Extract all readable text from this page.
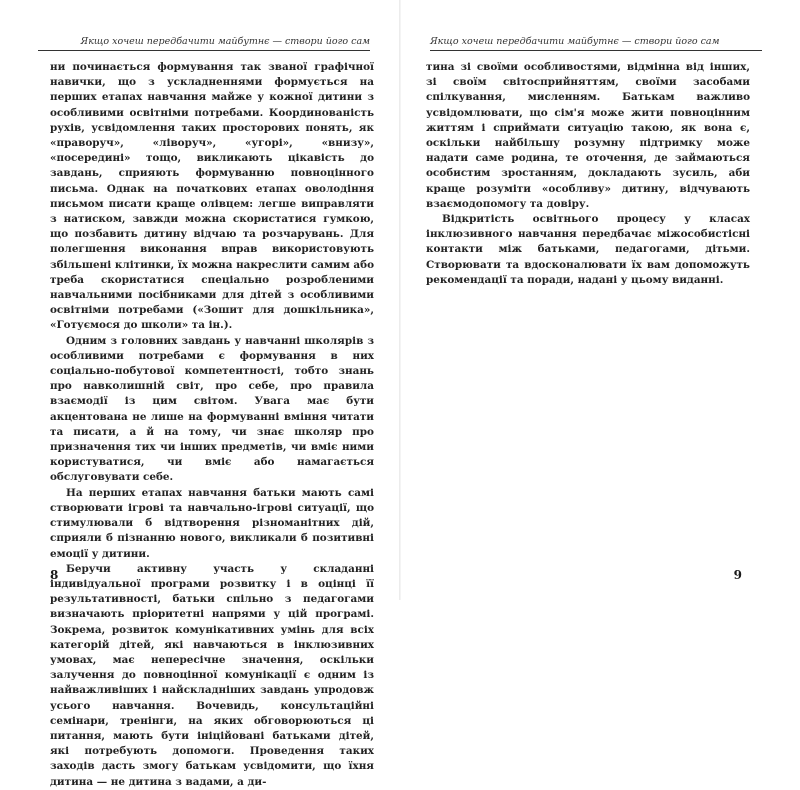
Якщо хочеш передбачити майбутнє — створи його сам

ни починається формування так званої графічної навички, що з ускладненнями формується на перших етапах навчання майже у кожної дитини з особливими освітніми потребами. Координованість рухів, усвідомлення таких просторових понять, як «праворуч», «ліворуч», «угорі», «внизу», «посередині» тощо, викликають цікавість до завдань, сприяють формуванню повноцінного письма. Однак на початкових етапах оволодіння письмом писати краще олівцем: легше виправляти з натиском, завжди можна скористатися гумкою, що позбавить дитину відчаю та розчарувань. Для полегшення виконання вправ використовують збільшені клітинки, їх можна накреслити самим або треба скористатися спеціально розробленими навчальними посібниками для дітей з особливими освітніми потребами («Зошит для дошкільника», «Готуємося до школи» та ін.).

Одним з головних завдань у навчанні школярів з особливими потребами є формування в них соціально-побутової компетентності, тобто знань про навколишній світ, про себе, про правила взаємодії із цим світом. Увага має бути акцентована не лише на формуванні вміння читати та писати, а й на тому, чи знає школяр про призначення тих чи інших предметів, чи вміє ними користуватися, чи вміє або намагається обслуговувати себе.

На перших етапах навчання батьки мають самі створювати ігрові та навчально-ігрові ситуації, що стимулювали б відтворення різноманітних дій, сприяли б пізнанню нового, викликали б позитивні емоції у дитини.

Беручи активну участь у складанні індивідуальної програми розвитку і в оцінці її результативності, батьки спільно з педагогами визначають пріоритетні напрями у цій програмі. Зокрема, розвиток комунікативних умінь для всіх категорій дітей, які навчаються в інклюзивних умовах, має непересічне значення, оскільки залучення до повноцінної комунікації є одним із найважливіших і найскладніших завдань упродовж усього навчання. Вочевидь, консультаційні семінари, тренінги, на яких обговорюються ці питання, мають бути ініційовані батьками дітей, які потребують допомоги. Проведення таких заходів дасть змогу батькам усвідомити, що їхня дитина — не дитина з вадами, а ди-

8
Якщо хочеш передбачити майбутнє — створи його сам

тина зі своїми особливостями, відмінна від інших, зі своїм світосприйняттям, своїми засобами спілкування, мисленням. Батькам важливо усвідомлювати, що сім'я може жити повноцінним життям і сприймати ситуацію такою, як вона є, оскільки найбільшу розумну підтримку може надати саме родина, те оточення, де займаються особистим зростанням, докладають зусиль, аби краще розуміти «особливу» дитину, відчувають взаємодопомогу та довіру.

Відкритість освітнього процесу у класах інклюзивного навчання передбачає міжособистісні контакти між батьками, педагогами, дітьми. Створювати та вдосконалювати їх вам допоможуть рекомендації та поради, надані у цьому виданні.

9
